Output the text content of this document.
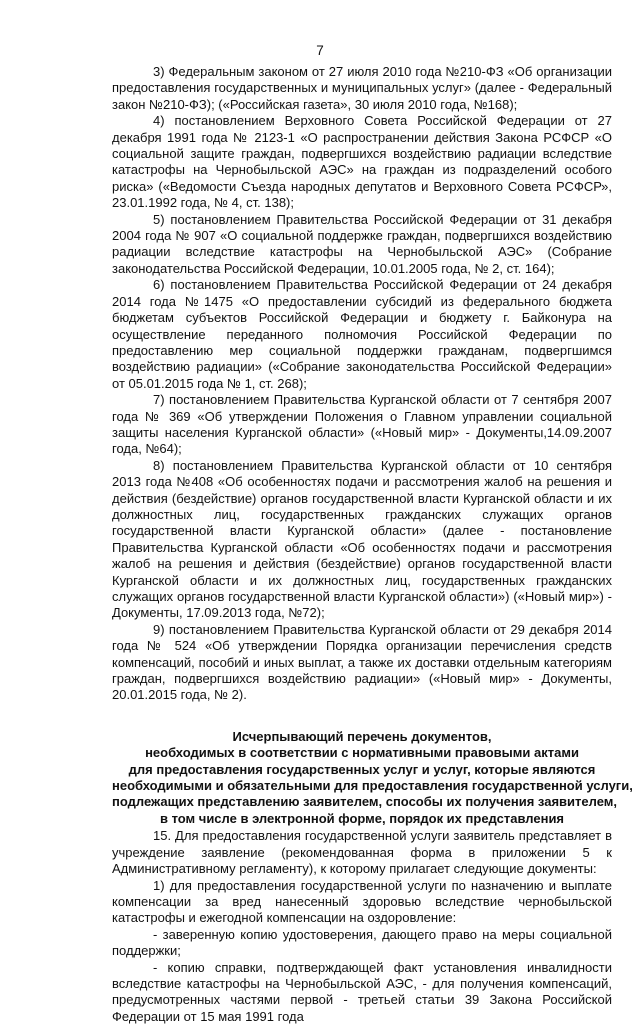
7

3) Федеральным законом от 27 июля 2010 года №210-ФЗ «Об организации предоставления государственных и муниципальных услуг» (далее - Федеральный закон №210-ФЗ); («Российская газета», 30 июля 2010 года, №168);

4) постановлением Верховного Совета Российской Федерации от 27 декабря 1991 года № 2123-1 «О распространении действия Закона РСФСР «О социальной защите граждан, подвергшихся воздействию радиации вследствие катастрофы на Чернобыльской АЭС» на граждан из подразделений особого риска» («Ведомости Съезда народных депутатов и Верховного Совета РСФСР», 23.01.1992 года, № 4, ст. 138);

5) постановлением Правительства Российской Федерации от 31 декабря 2004 года № 907 «О социальной поддержке граждан, подвергшихся воздействию радиации вследствие катастрофы на Чернобыльской АЭС» (Собрание законодательства Российской Федерации, 10.01.2005 года, № 2, ст. 164);

6) постановлением Правительства Российской Федерации от 24 декабря 2014 года №1475 «О предоставлении субсидий из федерального бюджета бюджетам субъектов Российской Федерации и бюджету г. Байконура на осуществление переданного полномочия Российской Федерации по предоставлению мер социальной поддержки гражданам, подвергшимся воздействию радиации» («Собрание законодательства Российской Федерации» от 05.01.2015 года № 1, ст. 268);

7) постановлением Правительства Курганской области от 7 сентября 2007 года № 369 «Об утверждении Положения о Главном управлении социальной защиты населения Курганской области» («Новый мир» - Документы,14.09.2007 года, №64);

8) постановлением Правительства Курганской области от 10 сентября 2013 года №408 «Об особенностях подачи и рассмотрения жалоб на решения и действия (бездействие) органов государственной власти Курганской области и их должностных лиц, государственных гражданских служащих органов государственной власти Курганской области» (далее - постановление Правительства Курганской области «Об особенностях подачи и рассмотрения жалоб на решения и действия (бездействие) органов государственной власти Курганской области и их должностных лиц, государственных гражданских служащих органов государственной власти Курганской области») («Новый мир») - Документы, 17.09.2013 года, №72);

9) постановлением Правительства Курганской области от 29 декабря 2014 года № 524 «Об утверждении Порядка организации перечисления средств компенсаций, пособий и иных выплат, а также их доставки отдельным категориям граждан, подвергшихся воздействию радиации» («Новый мир» - Документы, 20.01.2015 года, № 2).

Исчерпывающий перечень документов,
необходимых в соответствии с нормативными правовыми актами
для предоставления государственных услуг и услуг, которые являются
необходимыми и обязательными для предоставления государственной услуги,
подлежащих представлению заявителем, способы их получения заявителем,
в том числе в электронной форме, порядок их представления

15. Для предоставления государственной услуги заявитель представляет в учреждение заявление (рекомендованная форма в приложении 5 к Административному регламенту), к которому прилагает следующие документы:

1) для предоставления государственной услуги по назначению и выплате компенсации за вред нанесенный здоровью вследствие чернобыльской катастрофы и ежегодной компенсации на оздоровление:

- заверенную копию удостоверения, дающего право на меры социальной поддержки;

- копию справки, подтверждающей факт установления инвалидности вследствие катастрофы на Чернобыльской АЭС, - для получения компенсаций, предусмотренных частями первой - третьей статьи 39 Закона Российской Федерации от 15 мая 1991 года
